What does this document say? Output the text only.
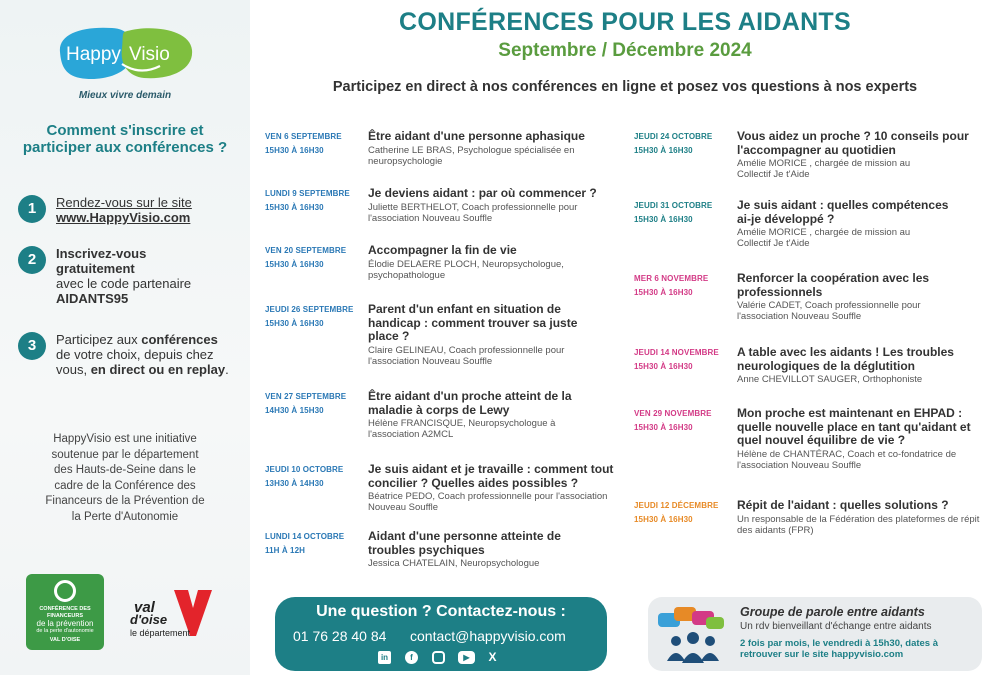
Happy Visio
Mieux vivre demain
Comment s'inscrire et participer aux conférences ?
1	Rendez-vous sur le site
www.HappyVisio.com
2	Inscrivez-vous gratuitement
avec le code partenaire
AIDANTS95
3	Participez aux conférences de votre choix, depuis chez vous, en direct ou en replay.
HappyVisio est une initiative soutenue par le département des Hauts-de-Seine dans le cadre de la Conférence des Financeurs de la Prévention de la Perte d'Autonomie
CONFÉRENCE DES FINANCEURS
de la prévention
de la perte d'autonomie
VAL D'OISE
val
d'oise
le département
CONFÉRENCES POUR LES AIDANTS
Septembre / Décembre 2024
Participez en direct à nos conférences en ligne et posez vos questions à nos experts
VEN 6 SEPTEMBRE
15H30 À 16H30
Être aidant d'une personne aphasique
Catherine LE BRAS, Psychologue spécialisée en neuropsychologie
LUNDI 9 SEPTEMBRE
15H30 À 16H30
Je deviens aidant : par où commencer ?
Juliette BERTHELOT, Coach professionnelle pour l'association Nouveau Souffle
VEN 20 SEPTEMBRE
15H30 À 16H30
Accompagner la fin de vie
Élodie DELAERE PLOCH, Neuropsychologue, psychopathologue
JEUDI 26 SEPTEMBRE
15H30 À 16H30
Parent d'un enfant en situation de handicap : comment trouver sa juste place ?
Claire GELINEAU, Coach professionnelle pour l'association Nouveau Souffle
VEN 27 SEPTEMBRE
14H30 À 15H30
Être aidant d'un proche atteint de la maladie à corps de Lewy
Hélène FRANCISQUE, Neuropsychologue à l'association A2MCL
JEUDI 10 OCTOBRE
13H30 À 14H30
Je suis aidant et je travaille : comment tout concilier ? Quelles aides possibles ?
Béatrice PEDO, Coach professionnelle pour l'association Nouveau Souffle
LUNDI 14 OCTOBRE
11H À 12H
Aidant d'une personne atteinte de troubles psychiques
Jessica CHATELAIN, Neuropsychologue
JEUDI 24 OCTOBRE
15H30 À 16H30
Vous aidez un proche ? 10 conseils pour l'accompagner au quotidien
Amélie MORICE , chargée de mission au Collectif Je t'Aide
JEUDI 31 OCTOBRE
15H30 À 16H30
Je suis aidant : quelles compétences ai-je développé ?
Amélie MORICE , chargée de mission au Collectif Je t'Aide
MER 6 NOVEMBRE
15H30 À 16H30
Renforcer la coopération avec les professionnels
Valérie CADET, Coach professionnelle pour l'association Nouveau Souffle
JEUDI 14 NOVEMBRE
15H30 À 16H30
A table avec les aidants ! Les troubles neurologiques de la déglutition
Anne CHEVILLOT SAUGER, Orthophoniste
VEN 29 NOVEMBRE
15H30 À 16H30
Mon proche est maintenant en EHPAD : quelle nouvelle place en tant qu'aidant et quel nouvel équilibre de vie ?
Hélène de CHANTÉRAC, Coach et co-fondatrice de l'association Nouveau Souffle
JEUDI 12 DÉCEMBRE
15H30 À 16H30
Répit de l'aidant : quelles solutions ?
Un responsable de la Fédération des plateformes de répit des aidants (FPR)
Une question ? Contactez-nous :
01 76 28 40 84 contact@happyvisio.com
in	f	▶	X
Groupe de parole entre aidants
Un rdv bienveillant d'échange entre aidants
2 fois par mois, le vendredi à 15h30, dates à retrouver sur le site happyvisio.com
